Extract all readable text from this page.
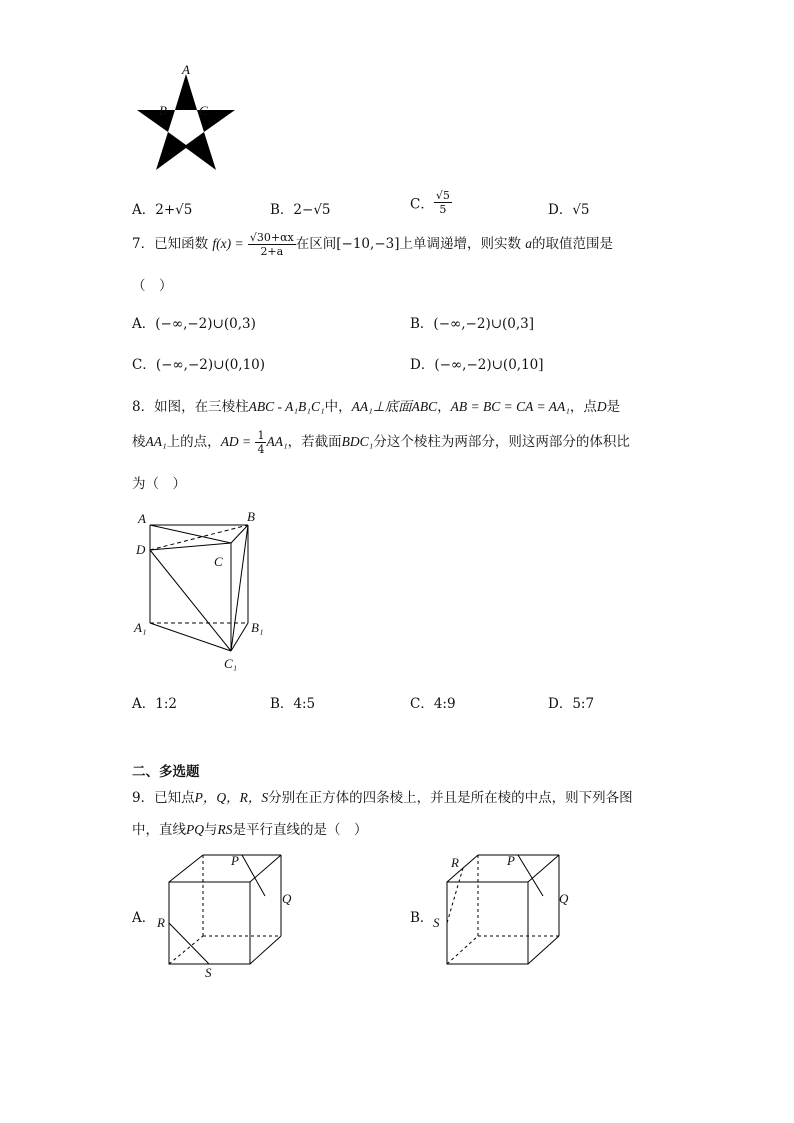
A
B C
A．2+√5	B．2−√5	C． $\frac{√5}{5}$	D．√5
7．已知函数 $f(x) = \frac{√30+\alpha x}{2+a}$ 在区间[−10,−3]上单调递增，则实数 a的取值范围是
（　）
A．(−∞,−2)∪(0,3)	B．(−∞,−2)∪(0,3]
C．(−∞,−2)∪(0,10)	D．(−∞,−2)∪(0,10]
8．如图，在三棱柱ABC - A₁B₁C₁中，AA₁⊥底面ABC，AB = BC = CA = AA₁，点D是
棱AA₁上的点，AD = $\frac{1}{4} AA_1$，若截面BDC₁分这个棱柱为两部分，则这两部分的体积比
为（　）
A	B
D
C
A₁	B₁
C₁
A．1:2	B．4:5	C．4:9	D．5:7
二、多选题
9．已知点P，Q，R，S分别在正方体的四条棱上，并且是所在棱的中点，则下列各图
中，直线PQ与RS是平行直线的是（　）
A．
P
Q
R
S
B．
R	P
Q
S
